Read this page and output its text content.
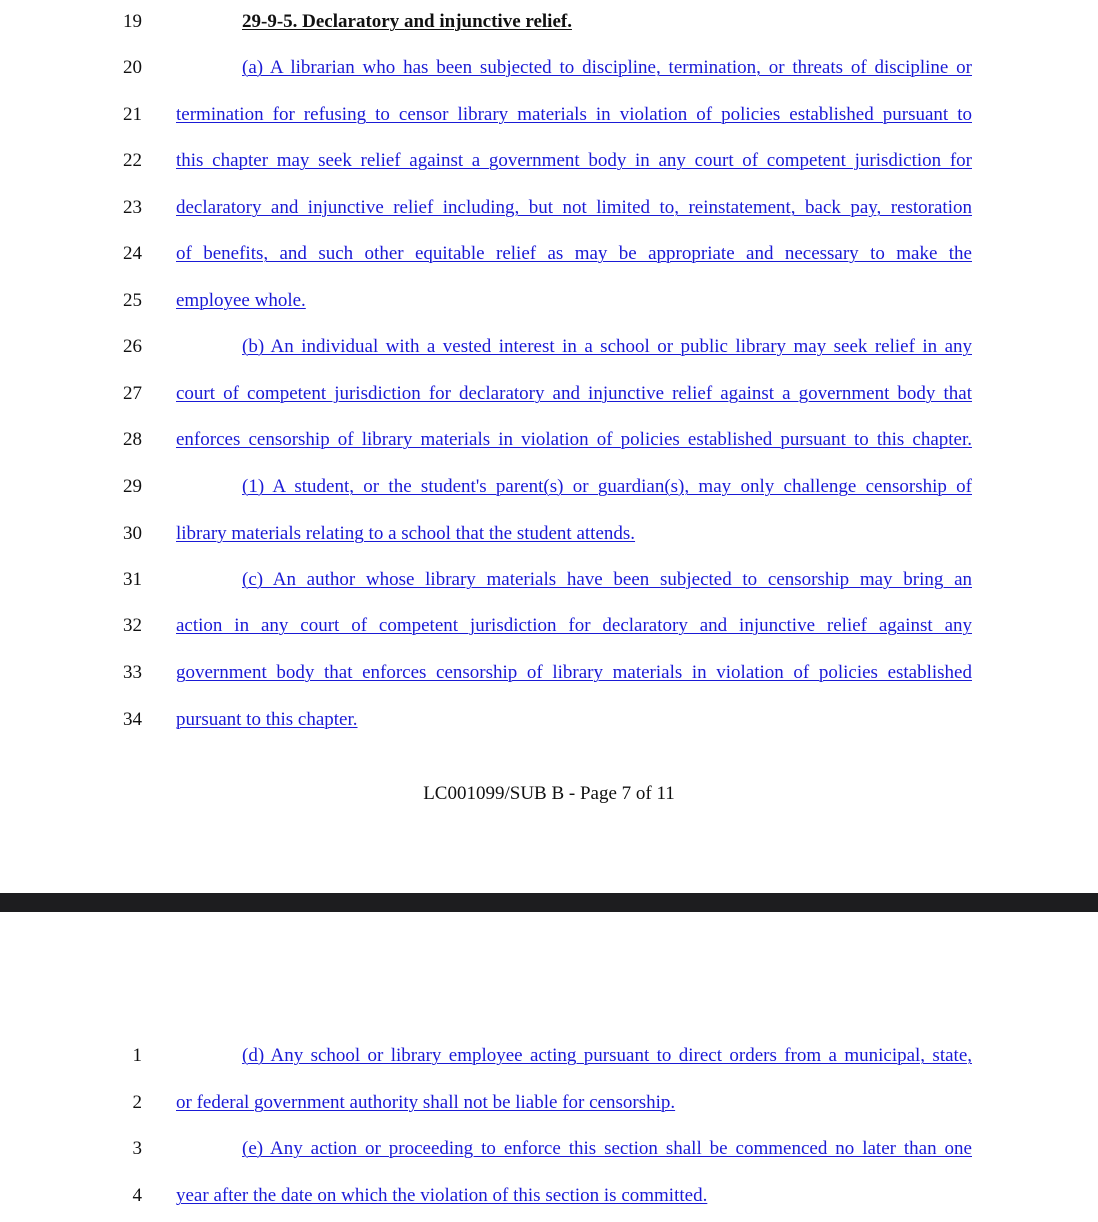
19	29-9-5. Declaratory and injunctive relief.
20	(a) A librarian who has been subjected to discipline, termination, or threats of discipline or
21 termination for refusing to censor library materials in violation of policies established pursuant to
22 this chapter may seek relief against a government body in any court of competent jurisdiction for
23 declaratory and injunctive relief including, but not limited to, reinstatement, back pay, restoration
24 of benefits, and such other equitable relief as may be appropriate and necessary to make the
25 employee whole.
26	(b) An individual with a vested interest in a school or public library may seek relief in any
27 court of competent jurisdiction for declaratory and injunctive relief against a government body that
28 enforces censorship of library materials in violation of policies established pursuant to this chapter.
29	(1) A student, or the student's parent(s) or guardian(s), may only challenge censorship of
30 library materials relating to a school that the student attends.
31	(c) An author whose library materials have been subjected to censorship may bring an
32 action in any court of competent jurisdiction for declaratory and injunctive relief against any
33 government body that enforces censorship of library materials in violation of policies established
34 pursuant to this chapter.
LC001099/SUB B - Page 7 of 11
1	(d) Any school or library employee acting pursuant to direct orders from a municipal, state,
2 or federal government authority shall not be liable for censorship.
3	(e) Any action or proceeding to enforce this section shall be commenced no later than one
4 year after the date on which the violation of this section is committed.
